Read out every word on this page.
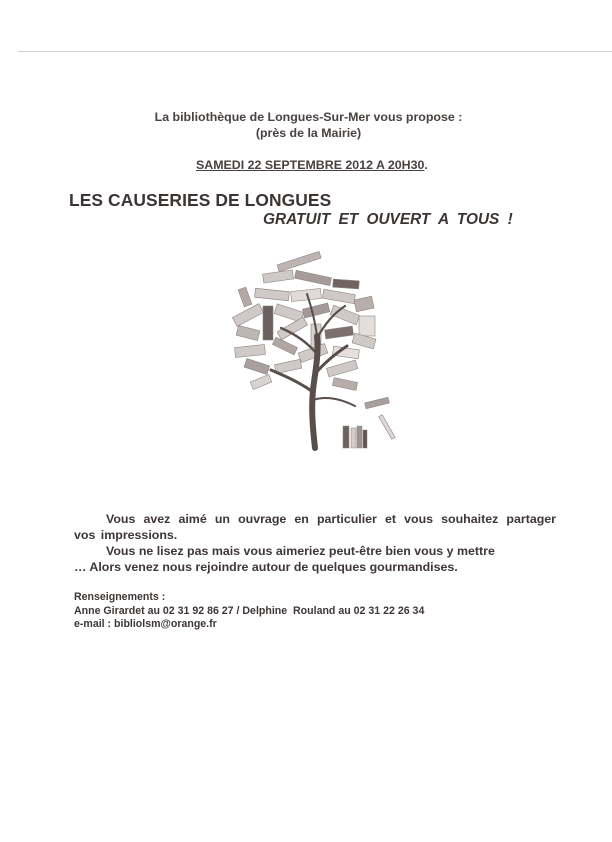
La bibliothèque de Longues-Sur-Mer vous propose :
(près de la Mairie)
SAMEDI 22 SEPTEMBRE 2012 A 20H30.
LES CAUSERIES DE LONGUES
GRATUIT ET OUVERT A TOUS !

Vous avez aimé un ouvrage en particulier et vous souhaitez partager vos impressions.

Vous ne lisez pas mais vous aimeriez peut-être bien vous y mettre

… Alors venez nous rejoindre autour de quelques gourmandises.

Renseignements :
Anne Girardet au 02 31 92 86 27 / Delphine  Rouland au 02 31 22 26 34
e-mail : bibliolsm@orange.fr
